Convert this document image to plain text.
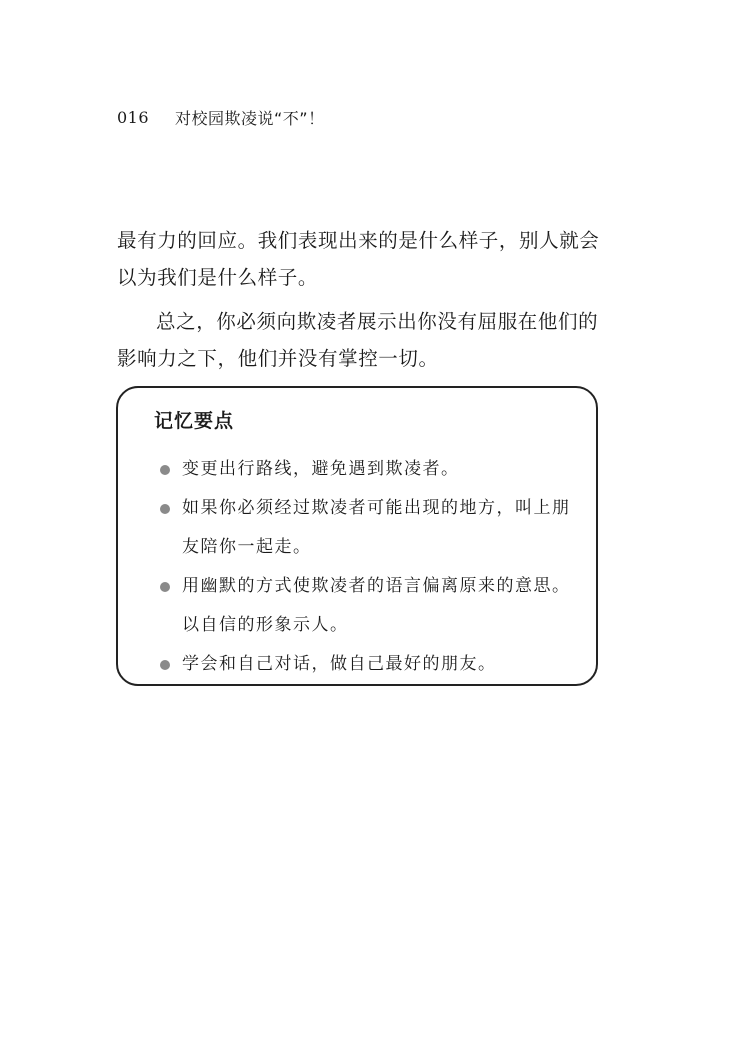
016	对校园欺凌说“不”！

最有力的回应。我们表现出来的是什么样子，别人就会以为我们是什么样子。

总之，你必须向欺凌者展示出你没有屈服在他们的影响力之下，他们并没有掌控一切。

记忆要点
变更出行路线，避免遇到欺凌者。
如果你必须经过欺凌者可能出现的地方，叫上朋
友陪你一起走。
用幽默的方式使欺凌者的语言偏离原来的意思。
以自信的形象示人。
学会和自己对话，做自己最好的朋友。
